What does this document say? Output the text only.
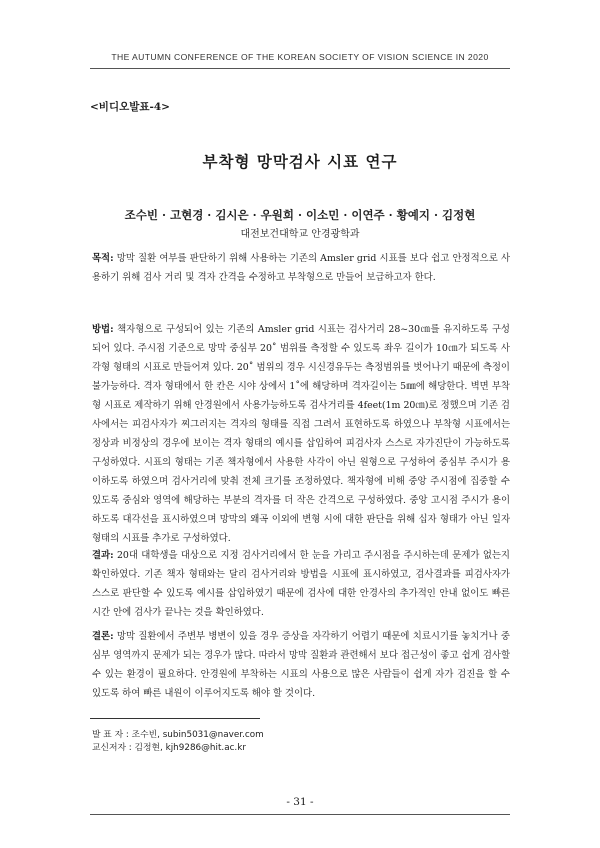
THE AUTUMN CONFERENCE OF THE KOREAN SOCIETY OF VISION SCIENCE IN 2020
<비디오발표-4>
부착형 망막검사 시표 연구
조수빈 · 고현경 · 김시은 · 우원희 · 이소민 · 이연주 · 황예지 · 김정현
대전보건대학교 안경광학과
목적: 망막 질환 여부를 판단하기 위해 사용하는 기존의 Amsler grid 시표를 보다 쉽고 안정적으로 사용하기 위해 검사 거리 및 격자 간격을 수정하고 부착형으로 만들어 보급하고자 한다.
방법: 책자형으로 구성되어 있는 기존의 Amsler grid 시표는 검사거리 28~30㎝를 유지하도록 구성되어 있다. 주시점 기준으로 망막 중심부 20˚ 범위를 측정할 수 있도록 좌우 길이가 10㎝가 되도록 사각형 형태의 시표로 만들어져 있다. 20˚ 범위의 경우 시신경유두는 측정범위를 벗어나기 때문에 측정이 불가능하다. 격자 형태에서 한 칸은 시야 상에서 1˚에 해당하며 격자길이는 5㎜에 해당한다. 벽면 부착형 시표로 제작하기 위해 안경원에서 사용가능하도록 검사거리를 4feet(1m 20㎝)로 정했으며 기존 검사에서는 피검사자가 찌그러지는 격자의 형태를 직접 그려서 표현하도록 하였으나 부착형 시표에서는 정상과 비정상의 경우에 보이는 격자 형태의 예시를 삽입하여 피검사자 스스로 자가진단이 가능하도록 구성하였다. 시표의 형태는 기존 책자형에서 사용한 사각이 아닌 원형으로 구성하여 중심부 주시가 용이하도록 하였으며 검사거리에 맞춰 전체 크기를 조정하였다. 책자형에 비해 중앙 주시점에 집중할 수 있도록 중심와 영역에 해당하는 부분의 격자를 더 작은 간격으로 구성하였다. 중앙 고시점 주시가 용이하도록 대각선을 표시하였으며 망막의 왜곡 이외에 변형 시에 대한 판단을 위해 십자 형태가 아닌 일자형태의 시표를 추가로 구성하였다.
결과: 20대 대학생을 대상으로 지정 검사거리에서 한 눈을 가리고 주시점을 주시하는데 문제가 없는지 확인하였다. 기존 책자 형태와는 달리 검사거리와 방법을 시표에 표시하였고, 검사결과를 피검사자가 스스로 판단할 수 있도록 예시를 삽입하였기 때문에 검사에 대한 안경사의 추가적인 안내 없이도 빠른 시간 안에 검사가 끝나는 것을 확인하였다.
결론: 망막 질환에서 주변부 병변이 있을 경우 증상을 자각하기 어렵기 때문에 치료시기를 놓치거나 중심부 영역까지 문제가 되는 경우가 많다. 따라서 망막 질환과 관련해서 보다 접근성이 좋고 쉽게 검사할 수 있는 환경이 필요하다. 안경원에 부착하는 시표의 사용으로 많은 사람들이 쉽게 자가 검진을 할 수 있도록 하여 빠른 내원이 이루어지도록 해야 할 것이다.
발 표 자 : 조수빈, subin5031@naver.com
교신저자 : 김정현, kjh9286@hit.ac.kr
- 31 -
